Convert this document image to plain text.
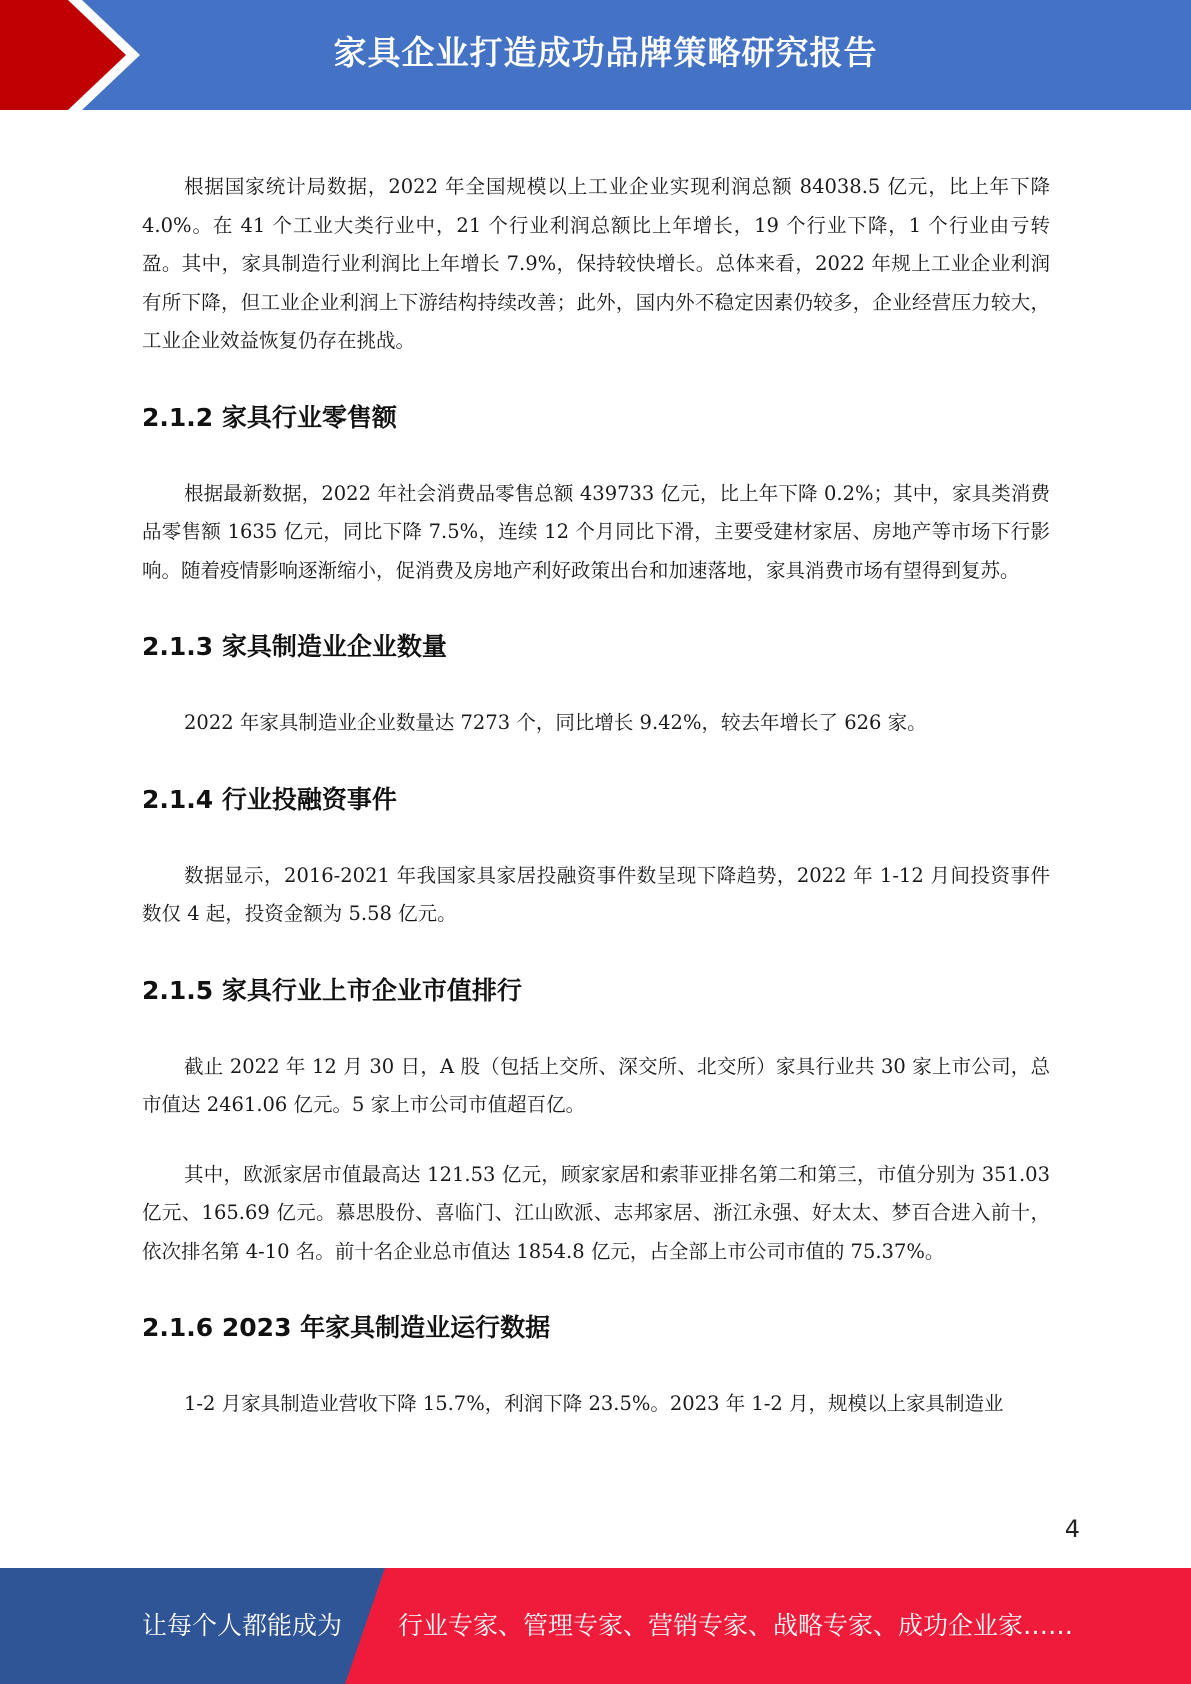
家具企业打造成功品牌策略研究报告

根据国家统计局数据，2022 年全国规模以上工业企业实现利润总额 84038.5 亿元，比上年下降 4.0%。在 41 个工业大类行业中，21 个行业利润总额比上年增长，19 个行业下降，1 个行业由亏转盈。其中，家具制造行业利润比上年增长 7.9%，保持较快增长。总体来看，2022 年规上工业企业利润有所下降，但工业企业利润上下游结构持续改善；此外，国内外不稳定因素仍较多，企业经营压力较大，工业企业效益恢复仍存在挑战。

2.1.2 家具行业零售额

根据最新数据，2022 年社会消费品零售总额 439733 亿元，比上年下降 0.2%；其中，家具类消费品零售额 1635 亿元，同比下降 7.5%，连续 12 个月同比下滑，主要受建材家居、房地产等市场下行影响。随着疫情影响逐渐缩小，促消费及房地产利好政策出台和加速落地，家具消费市场有望得到复苏。

2.1.3 家具制造业企业数量

2022 年家具制造业企业数量达 7273 个，同比增长 9.42%，较去年增长了 626 家。

2.1.4 行业投融资事件

数据显示，2016-2021 年我国家具家居投融资事件数呈现下降趋势，2022 年 1-12 月间投资事件数仅 4 起，投资金额为 5.58 亿元。

2.1.5 家具行业上市企业市值排行

截止 2022 年 12 月 30 日，A 股（包括上交所、深交所、北交所）家具行业共 30 家上市公司，总市值达 2461.06 亿元。5 家上市公司市值超百亿。

其中，欧派家居市值最高达 121.53 亿元，顾家家居和索菲亚排名第二和第三，市值分别为 351.03 亿元、165.69 亿元。慕思股份、喜临门、江山欧派、志邦家居、浙江永强、好太太、梦百合进入前十，依次排名第 4-10 名。前十名企业总市值达 1854.8 亿元，占全部上市公司市值的 75.37%。

2.1.6 2023 年家具制造业运行数据

1-2 月家具制造业营收下降 15.7%，利润下降 23.5%。2023 年 1-2 月，规模以上家具制造业

4
让每个人都能成为 行业专家、管理专家、营销专家、战略专家、成功企业家……
